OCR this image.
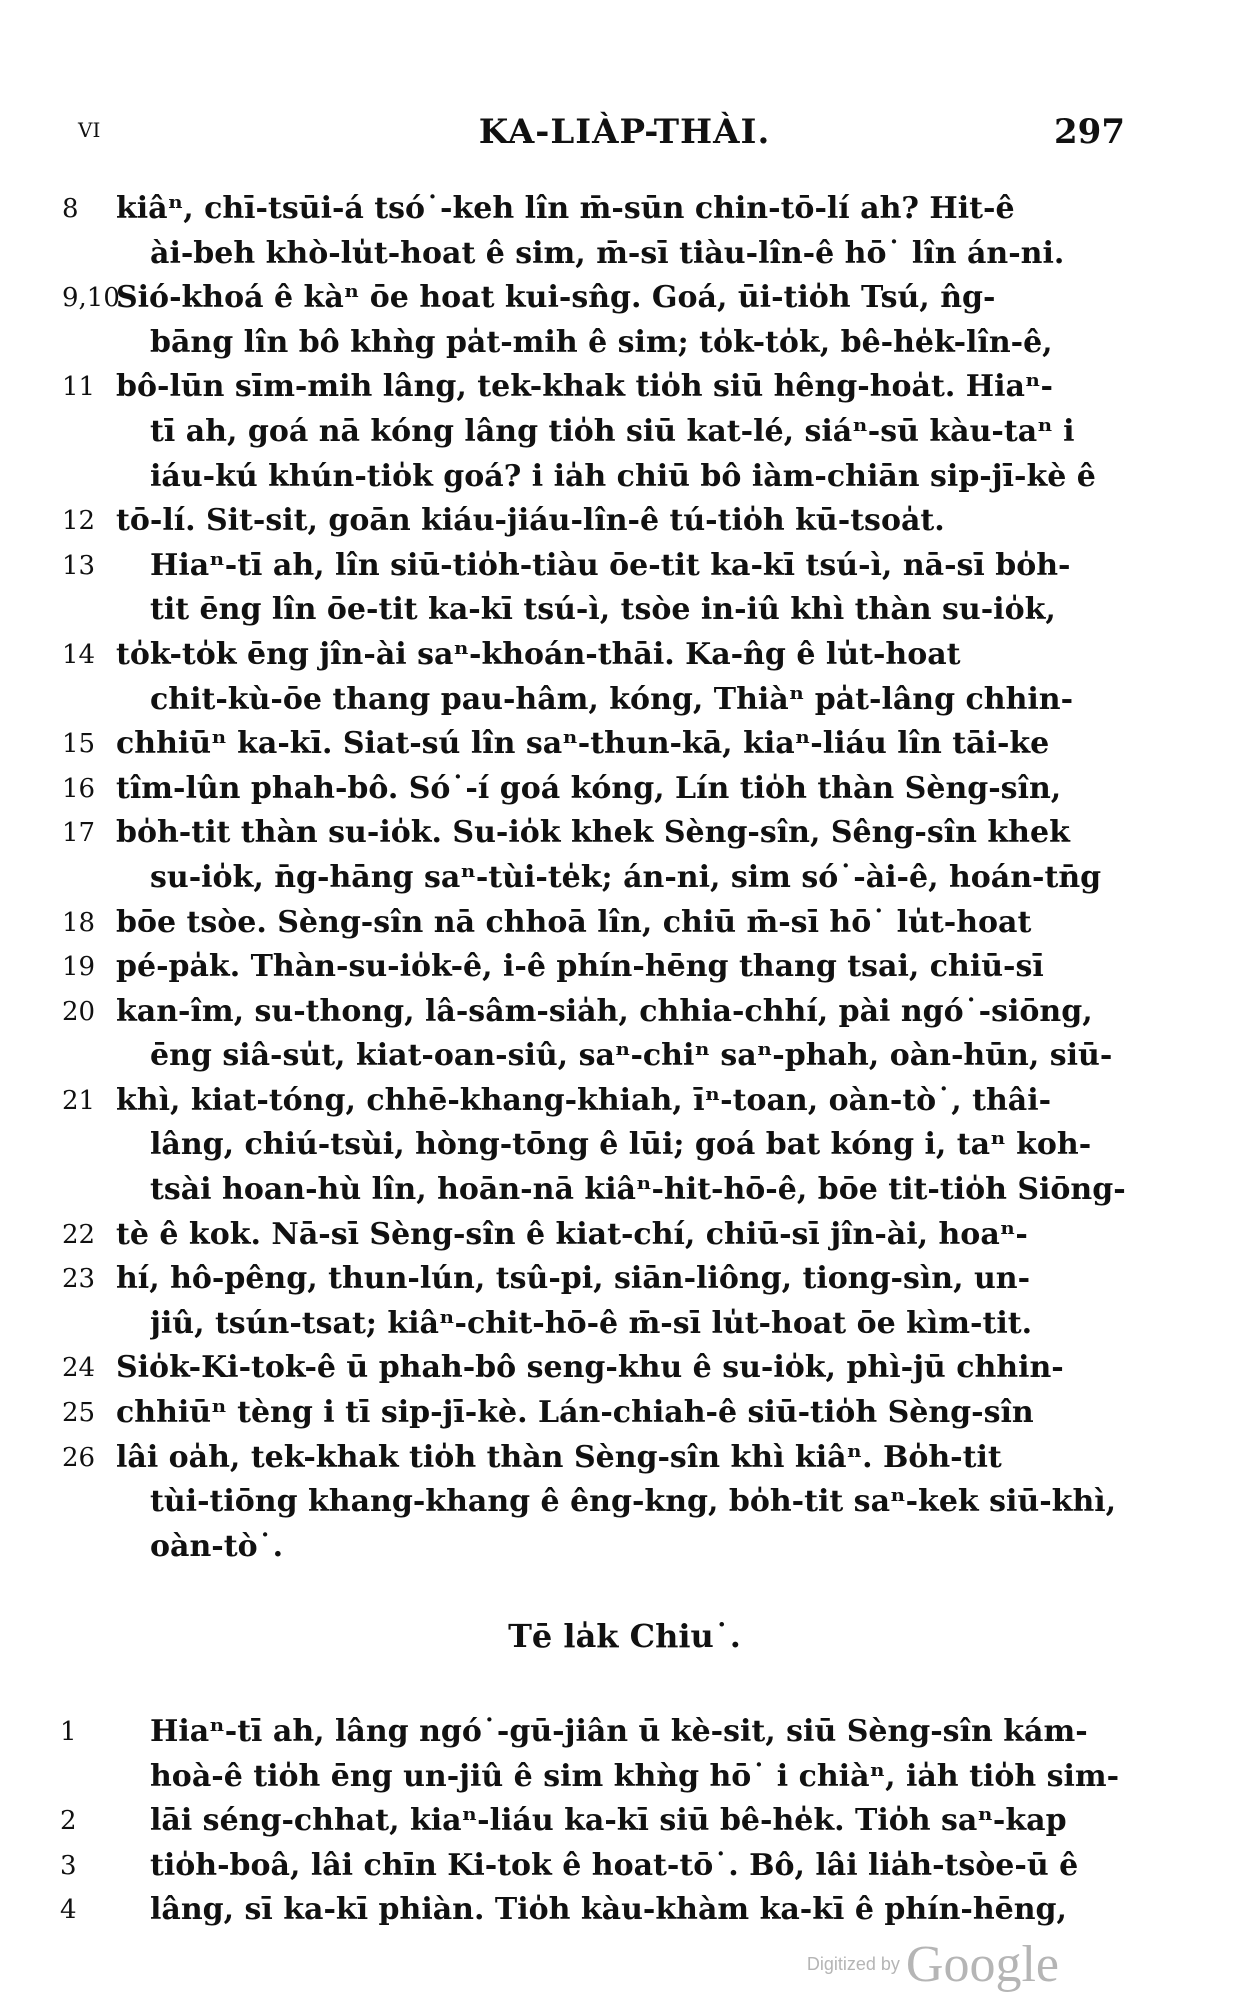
VI	KA-LIÀP-THÀI.	297
8	kiâⁿ, chī-tsūi-á tsó˙-keh lîn m̄-sūn chin-tō-lí ah? Hit-ê
ài-beh khò-lu̍t-hoat ê sim, m̄-sī tiàu-lîn-ê hō˙ lîn án-ni.
9,10
Sió-khoá ê kàⁿ ōe hoat kui-sn̂g. Goá, ūi-tio̍h Tsú, n̂g-
bāng lîn bô khǹg pa̍t-mih ê sim; to̍k-to̍k, bê-he̍k-lîn-ê,
11 bô-lūn sīm-mih lâng, tek-khak tio̍h siū hêng-hoa̍t. Hiaⁿ-
tī ah, goá nā kóng lâng tio̍h siū kat-lé, siáⁿ-sū kàu-taⁿ i
iáu-kú khún-tio̍k goá? i ia̍h chiū bô iàm-chiān sip-jī-kè ê
12 tō-lí. Sit-sit, goān kiáu-jiáu-lîn-ê tú-tio̍h kū-tsoa̍t.
13	Hiaⁿ-tī ah, lîn siū-tio̍h-tiàu ōe-tit ka-kī tsú-ì, nā-sī bo̍h-
tit ēng lîn ōe-tit ka-kī tsú-ì, tsòe in-iû khì thàn su-io̍k,
14 to̍k-to̍k ēng jîn-ài saⁿ-khoán-thāi. Ka-n̂g ê lu̍t-hoat
chit-kù-ōe thang pau-hâm, kóng, Thiàⁿ pa̍t-lâng chhin-
15 chhiūⁿ ka-kī. Siat-sú lîn saⁿ-thun-kā, kiaⁿ-liáu lîn tāi-ke
16 tîm-lûn phah-bô. Só˙-í goá kóng, Lín tio̍h thàn Sèng-sîn,
17 bo̍h-tit thàn su-io̍k. Su-io̍k khek Sèng-sîn, Sêng-sîn khek
su-io̍k, n̄g-hāng saⁿ-tùi-te̍k; án-ni, sim só˙-ài-ê, hoán-tn̄g
18 bōe tsòe. Sèng-sîn nā chhoā lîn, chiū m̄-sī hō˙ lu̍t-hoat
19 pé-pa̍k. Thàn-su-io̍k-ê, i-ê phín-hēng thang tsai, chiū-sī
20 kan-îm, su-thong, lâ-sâm-sia̍h, chhia-chhí, pài ngó˙-siōng,
ēng siâ-su̍t, kiat-oan-siû, saⁿ-chiⁿ saⁿ-phah, oàn-hūn, siū-
21 khì, kiat-tóng, chhē-khang-khiah, īⁿ-toan, oàn-tò˙, thâi-
lâng, chiú-tsùi, hòng-tōng ê lūi; goá bat kóng i, taⁿ koh-
tsài hoan-hù lîn, hoān-nā kiâⁿ-hit-hō-ê, bōe tit-tio̍h Siōng-
22 tè ê kok. Nā-sī Sèng-sîn ê kiat-chí, chiū-sī jîn-ài, hoaⁿ-
23 hí, hô-pêng, thun-lún, tsû-pi, siān-liông, tiong-sìn, un-
jiû, tsún-tsat; kiâⁿ-chit-hō-ê m̄-sī lu̍t-hoat ōe kìm-tit.
24 Sio̍k-Ki-tok-ê ū phah-bô seng-khu ê su-io̍k, phì-jū chhin-
25 chhiūⁿ tèng i tī sip-jī-kè. Lán-chiah-ê siū-tio̍h Sèng-sîn
26 lâi oa̍h, tek-khak tio̍h thàn Sèng-sîn khì kiâⁿ. Bo̍h-tit
tùi-tiōng khang-khang ê êng-kng, bo̍h-tit saⁿ-kek siū-khì,
oàn-tò˙.
Tē la̍k Chiu˙.
1	Hiaⁿ-tī ah, lâng ngó˙-gū-jiân ū kè-sit, siū Sèng-sîn kám-
hoà-ê tio̍h ēng un-jiû ê sim khǹg hō˙ i chiàⁿ, ia̍h tio̍h sim-
2	lāi séng-chhat, kiaⁿ-liáu ka-kī siū bê-he̍k. Tio̍h saⁿ-kap
3	tio̍h-boâ, lâi chīn Ki-tok ê hoat-tō˙. Bô, lâi lia̍h-tsòe-ū ê
4	lâng, sī ka-kī phiàn. Tio̍h kàu-khàm ka-kī ê phín-hēng,
Digitized by Google
